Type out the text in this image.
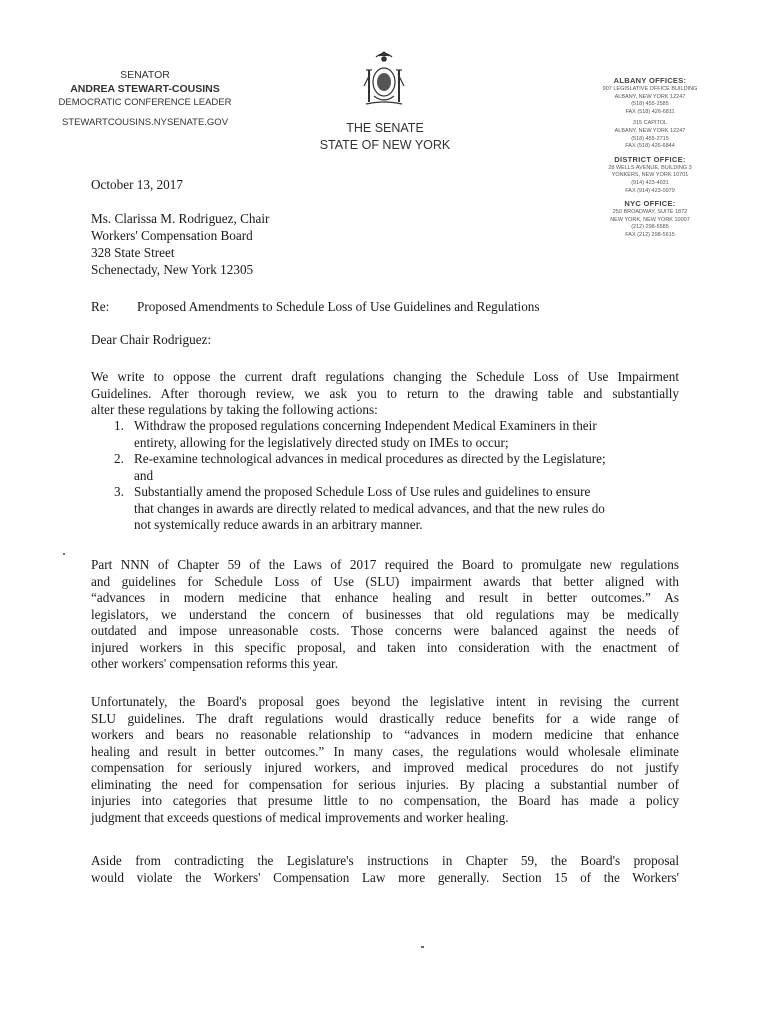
SENATOR
ANDREA STEWART-COUSINS
DEMOCRATIC CONFERENCE LEADER
STEWARTCOUSINS.NYSENATE.GOV	THE SENATE
STATE OF NEW YORK
ALBANY OFFICES:
907 LEGISLATIVE OFFICE BUILDING
ALBANY, NEW YORK 12247
(518) 455-2585
FAX (518) 426-6811
315 CAPITOL
ALBANY, NEW YORK 12247
(518) 455-2715
FAX (518) 426-6844
DISTRICT OFFICE:
28 WELLS AVENUE, BUILDING 3
YONKERS, NEW YORK 10701
(914) 423-4031
FAX (914) 423-0979
NYC OFFICE:
250 BROADWAY, SUITE 1872
NEW YORK, NEW YORK 10007
(212) 298-5585
FAX (212) 298-5615
October 13, 2017
Ms. Clarissa M. Rodriguez, Chair
Workers' Compensation Board
328 State Street
Schenectady, New York 12305
Re: Proposed Amendments to Schedule Loss of Use Guidelines and Regulations
Dear Chair Rodriguez:
We write to oppose the current draft regulations changing the Schedule Loss of Use Impairment
Guidelines. After thorough review, we ask you to return to the drawing table and substantially
alter these regulations by taking the following actions:
1. Withdraw the proposed regulations concerning Independent Medical Examiners in their
entirety, allowing for the legislatively directed study on IMEs to occur;
2. Re-examine technological advances in medical procedures as directed by the Legislature;
and
3. Substantially amend the proposed Schedule Loss of Use rules and guidelines to ensure
that changes in awards are directly related to medical advances, and that the new rules do
not systemically reduce awards in an arbitrary manner.
Part NNN of Chapter 59 of the Laws of 2017 required the Board to promulgate new regulations
and guidelines for Schedule Loss of Use (SLU) impairment awards that better aligned with
“advances in modern medicine that enhance healing and result in better outcomes.” As
legislators, we understand the concern of businesses that old regulations may be medically
outdated and impose unreasonable costs. Those concerns were balanced against the needs of
injured workers in this specific proposal, and taken into consideration with the enactment of
other workers' compensation reforms this year.
Unfortunately, the Board's proposal goes beyond the legislative intent in revising the current
SLU guidelines. The draft regulations would drastically reduce benefits for a wide range of
workers and bears no reasonable relationship to “advances in modern medicine that enhance
healing and result in better outcomes.” In many cases, the regulations would wholesale eliminate
compensation for seriously injured workers, and improved medical procedures do not justify
eliminating the need for compensation for serious injuries. By placing a substantial number of
injuries into categories that presume little to no compensation, the Board has made a policy
judgment that exceeds questions of medical improvements and worker healing.
Aside from contradicting the Legislature's instructions in Chapter 59, the Board's proposal
would violate the Workers' Compensation Law more generally. Section 15 of the Workers'
